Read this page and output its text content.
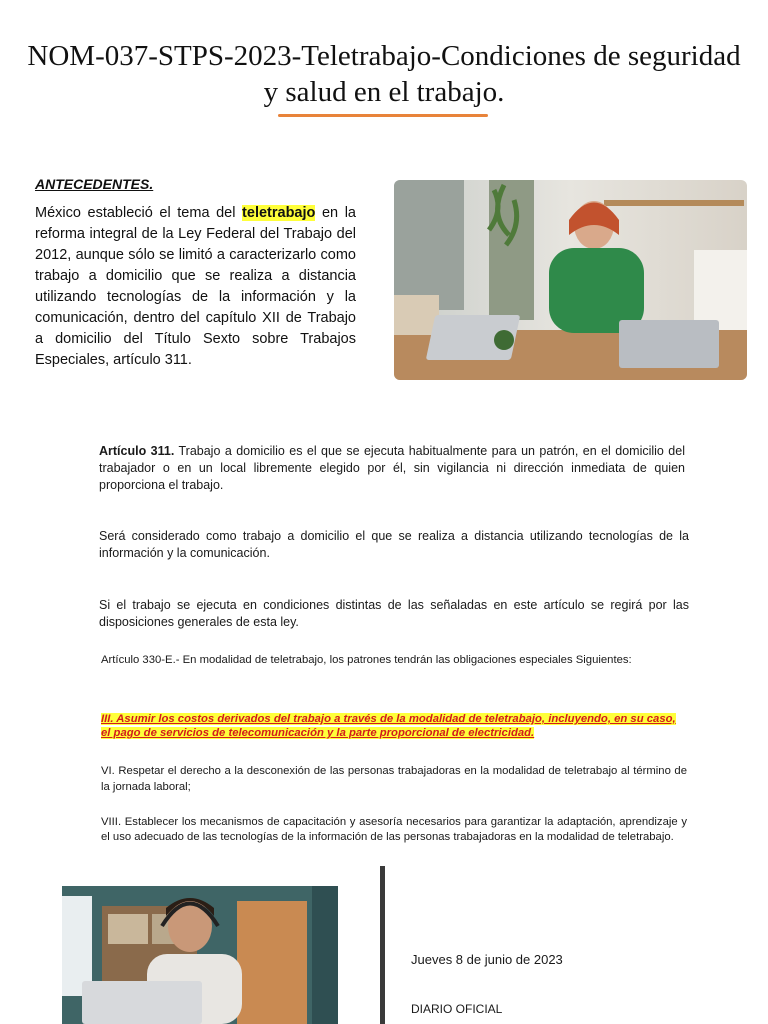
NOM-037-STPS-2023-Teletrabajo-Condiciones de seguridad y salud en el trabajo.
ANTECEDENTES.
México estableció el tema del teletrabajo en la reforma integral de la Ley Federal del Trabajo del 2012, aunque sólo se limitó a caracterizarlo como trabajo a domicilio que se realiza a distancia utilizando tecnologías de la información y la comunicación, dentro del capítulo XII de Trabajo a domicilio del Título Sexto sobre Trabajos Especiales, artículo 311.
Artículo 311. Trabajo a domicilio es el que se ejecuta habitualmente para un patrón, en el domicilio del trabajador o en un local libremente elegido por él, sin vigilancia ni dirección inmediata de quien proporciona el trabajo.
Será considerado como trabajo a domicilio el que se realiza a distancia utilizando tecnologías de la información y la comunicación.
Si el trabajo se ejecuta en condiciones distintas de las señaladas en este artículo se regirá por las disposiciones generales de esta ley.
Artículo 330-E.- En modalidad de teletrabajo, los patrones tendrán las obligaciones especiales Siguientes:
III. Asumir los costos derivados del trabajo a través de la modalidad de teletrabajo, incluyendo, en su caso, el pago de servicios de telecomunicación y la parte proporcional de electricidad.
VI. Respetar el derecho a la desconexión de las personas trabajadoras en la modalidad de teletrabajo al término de la jornada laboral;
VIII. Establecer los mecanismos de capacitación y asesoría necesarios para garantizar la adaptación, aprendizaje y el uso adecuado de las tecnologías de la información de las personas trabajadoras en la modalidad de teletrabajo.
Jueves 8 de junio de 2023
DIARIO OFICIAL
